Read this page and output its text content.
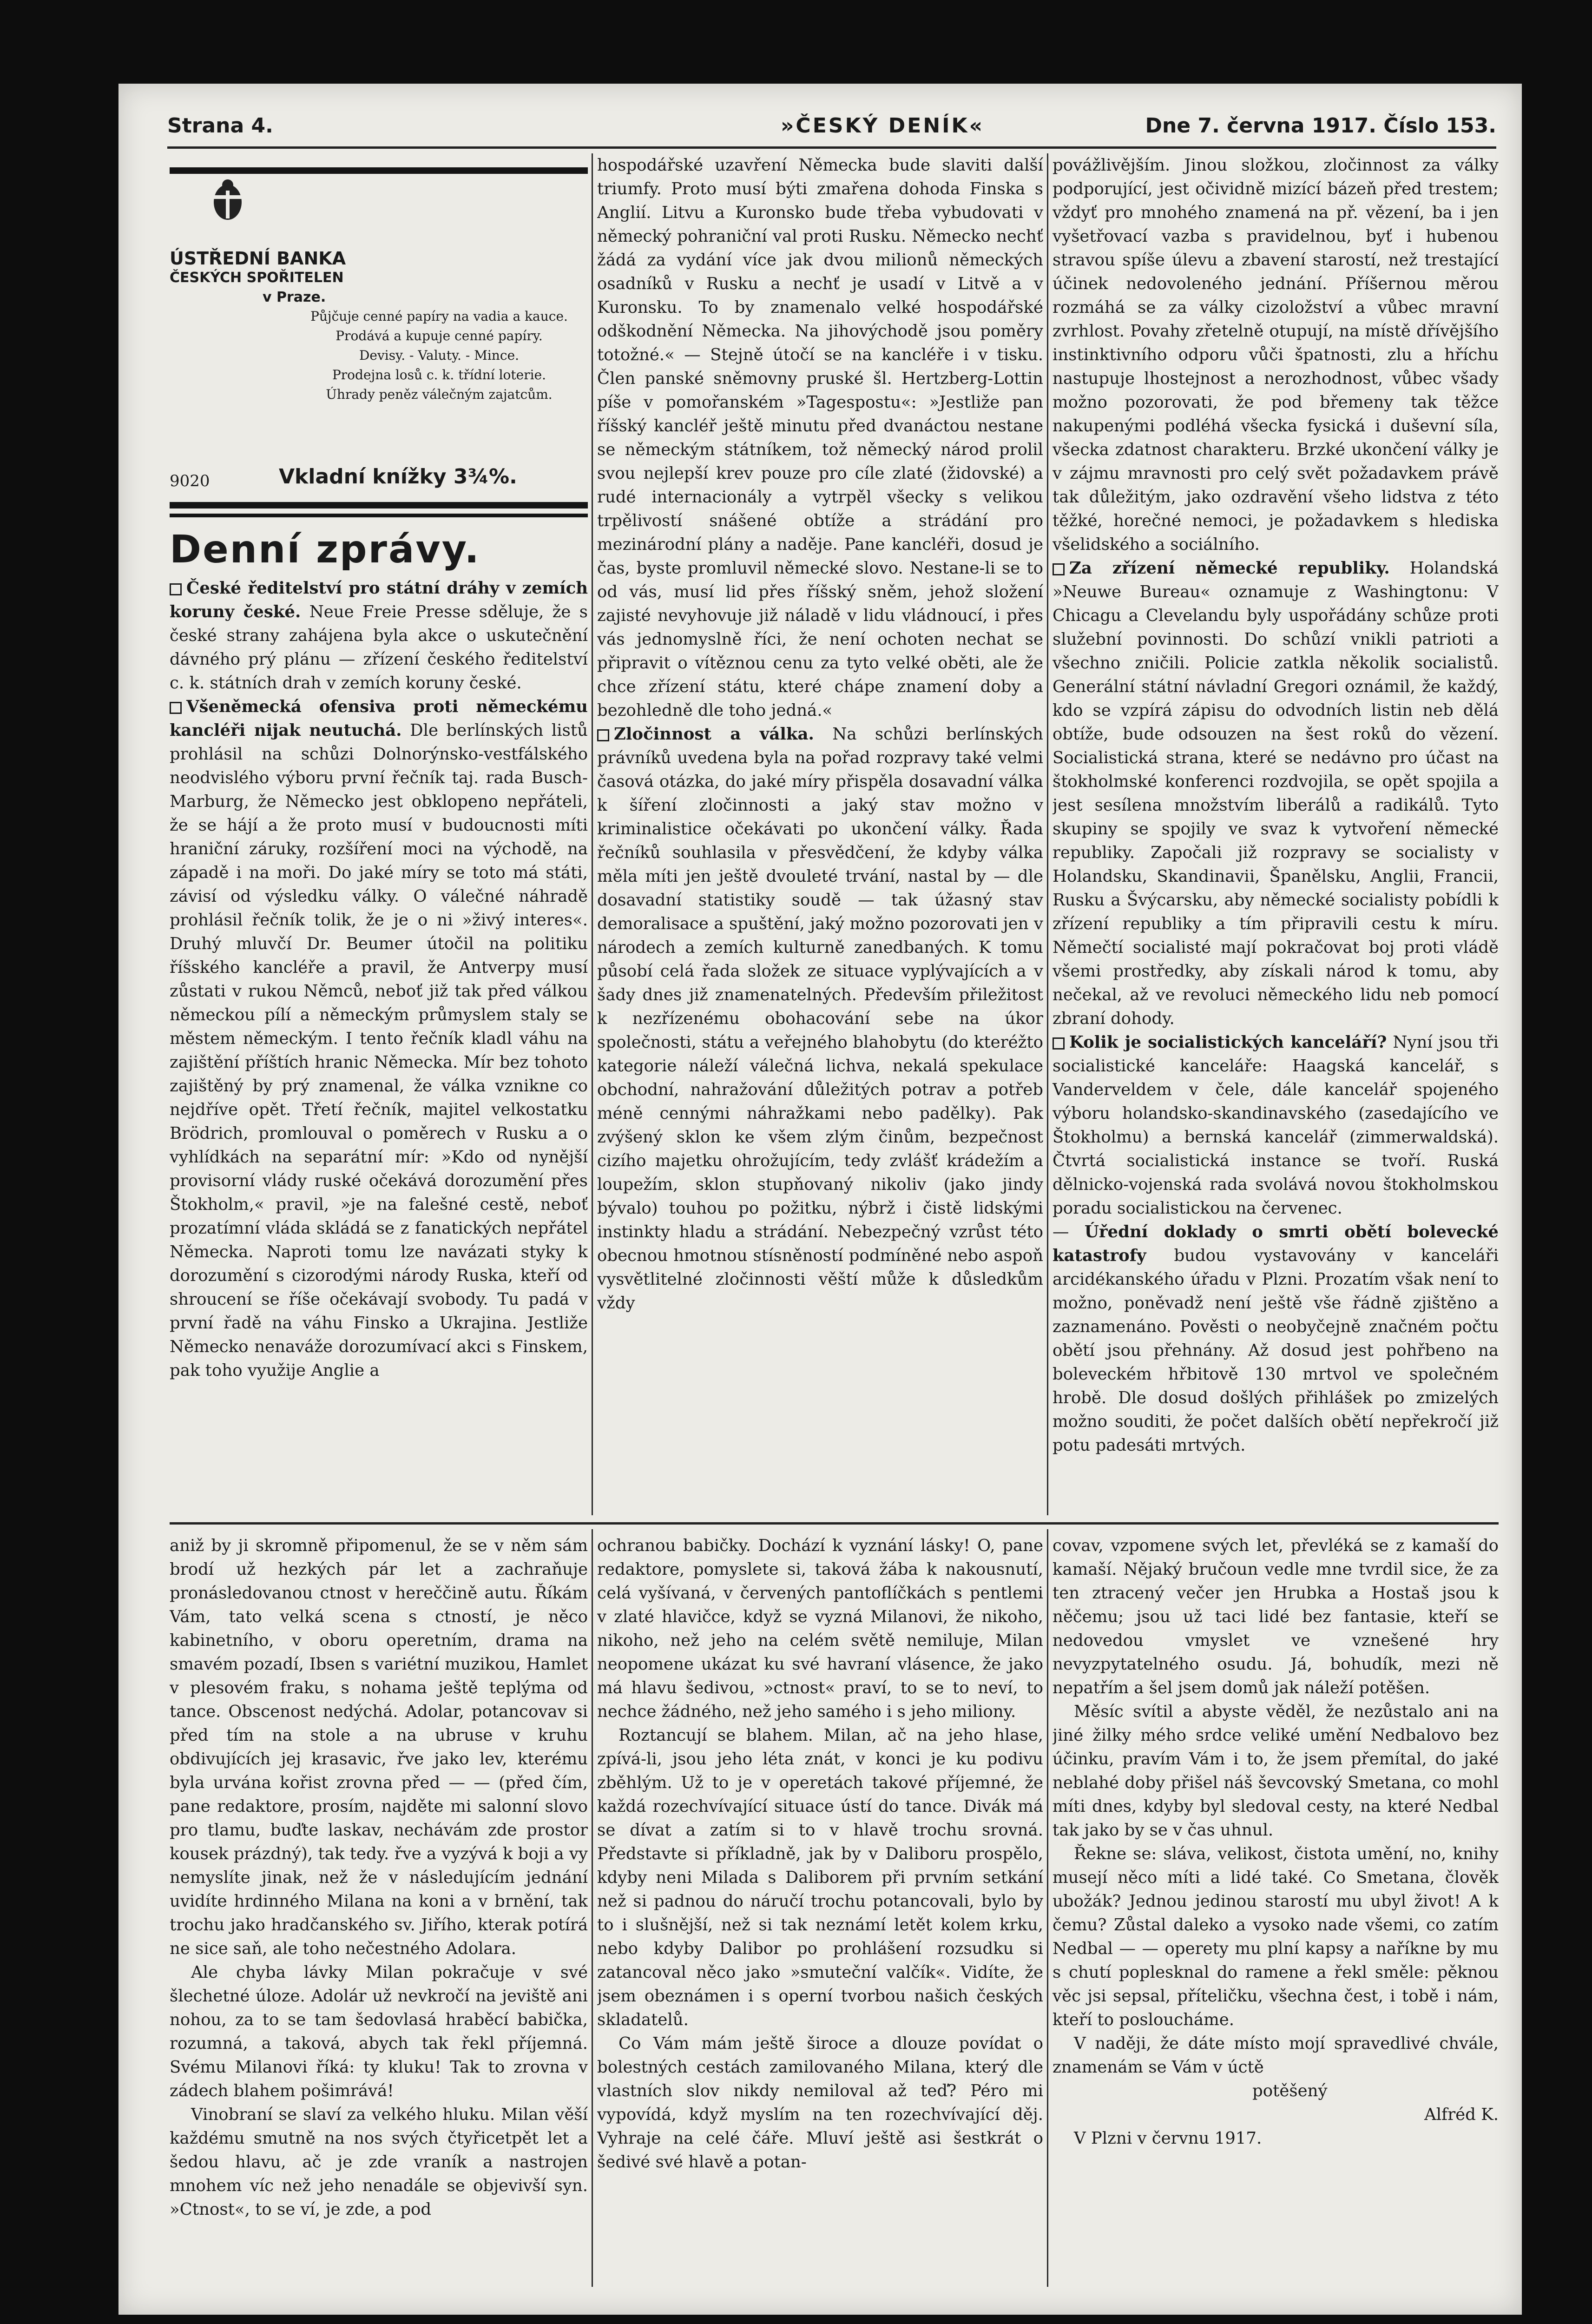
Strana 4.	»ČESKÝ DENÍK«	Dne 7. června 1917. Číslo 153.
ÚSTŘEDNÍ BANKA
ČESKÝCH SPOŘITELEN
v Praze.
Půjčuje cenné papíry na vadia a kauce.
Prodává a kupuje cenné papíry.
Devisy. - Valuty. - Mince.
Prodejna losů c. k. třídní loterie.
Úhrady peněz válečným zajatcům.
9020	Vkladní knížky 3¾%.
Denní zprávy.

České ředitelství pro státní dráhy v zemích koruny české. Neue Freie Presse sděluje, že s české strany zahájena byla akce o uskutečnění dávného prý plánu — zřízení českého ředitelství c. k. státních drah v zemích koruny české.

Všeněmecká ofensiva proti německému kancléři nijak neutuchá. Dle berlínských listů prohlásil na schůzi Dolnorýnsko-vestfálského neodvislého výboru první řečník taj. rada Busch-Marburg, že Německo jest obklopeno nepřáteli, že se hájí a že proto musí v budoucnosti míti hraniční záruky, rozšíření moci na východě, na západě i na moři. Do jaké míry se toto má státi, závisí od výsledku války. O válečné náhradě prohlásil řečník tolik, že je o ni »živý interes«. Druhý mluvčí Dr. Beumer útočil na politiku říšského kancléře a pravil, že Antverpy musí zůstati v rukou Němců, neboť již tak před válkou německou pílí a německým průmyslem staly se městem německým. I tento řečník kladl váhu na zajištění příštích hranic Německa. Mír bez tohoto zajištěný by prý znamenal, že válka vznikne co nejdříve opět. Třetí řečník, majitel velkostatku Brödrich, promlouval o poměrech v Rusku a o vyhlídkách na separátní mír: »Kdo od nynější provisorní vlády ruské očekává dorozumění přes Štokholm,« pravil, »je na falešné cestě, neboť prozatímní vláda skládá se z fanatických nepřátel Německa. Naproti tomu lze navázati styky k dorozumění s cizorodými národy Ruska, kteří od shroucení se říše očekávají svobody. Tu padá v první řadě na váhu Finsko a Ukrajina. Jestliže Německo nenaváže dorozumívací akci s Finskem, pak toho využije Anglie a

hospodářské uzavření Německa bude slaviti další triumfy. Proto musí býti zmařena dohoda Finska s Anglií. Litvu a Kuronsko bude třeba vybudovati v německý pohraniční val proti Rusku. Německo nechť žádá za vydání více jak dvou milionů německých osadníků v Rusku a nechť je usadí v Litvě a v Kuronsku. To by znamenalo velké hospodářské odškodnění Německa. Na jihovýchodě jsou poměry totožné.« — Stejně útočí se na kancléře i v tisku. Člen panské sněmovny pruské šl. Hertzberg-Lottin píše v pomořanském »Tagespostu«: »Jestliže pan říšský kancléř ještě minutu před dvanáctou nestane se německým státníkem, tož německý národ prolil svou nejlepší krev pouze pro cíle zlaté (židovské) a rudé internacionály a vytrpěl všecky s velikou trpělivostí snášené obtíže a strádání pro mezinárodní plány a naděje. Pane kancléři, dosud je čas, byste promluvil německé slovo. Nestane-li se to od vás, musí lid přes říšský sněm, jehož složení zajisté nevyhovuje již náladě v lidu vládnoucí, i přes vás jednomyslně říci, že není ochoten nechat se připravit o vítěznou cenu za tyto velké oběti, ale že chce zřízení státu, které chápe znamení doby a bezohledně dle toho jedná.«

Zločinnost a válka. Na schůzi berlínských právníků uvedena byla na pořad rozpravy také velmi časová otázka, do jaké míry přispěla dosavadní válka k šíření zločinnosti a jaký stav možno v kriminalistice očekávati po ukončení války. Řada řečníků souhlasila v přesvědčení, že kdyby válka měla míti jen ještě dvouleté trvání, nastal by — dle dosavadní statistiky soudě — tak úžasný stav demoralisace a spuštění, jaký možno pozorovati jen v národech a zemích kulturně zanedbaných. K tomu působí celá řada složek ze situace vyplývajících a v šady dnes již znamenatelných. Především přiležitost k nezřízenému obohacování sebe na úkor společnosti, státu a veřejného blahobytu (do kteréžto kategorie náleží válečná lichva, nekalá spekulace obchodní, nahražování důležitých potrav a potřeb méně cennými náhražkami nebo padělky). Pak zvýšený sklon ke všem zlým činům, bezpečnost cizího majetku ohrožujícím, tedy zvlášť krádežím a loupežím, sklon stupňovaný nikoliv (jako jindy bývalo) touhou po požitku, nýbrž i čistě lidskými instinkty hladu a strádání. Nebezpečný vzrůst této obecnou hmotnou stísněností podmíněné nebo aspoň vysvětlitelné zločinnosti věští může k důsledkům vždy

povážlivějším. Jinou složkou, zločinnost za války podporující, jest očividně mizící bázeň před trestem; vždyť pro mnohého znamená na př. vězení, ba i jen vyšetřovací vazba s pravidelnou, byť i hubenou stravou spíše úlevu a zbavení starostí, než trestající účinek nedovoleného jednání. Příšernou měrou rozmáhá se za války cizoložství a vůbec mravní zvrhlost. Povahy zřetelně otupují, na místě dřívějšího instinktivního odporu vůči špatnosti, zlu a hříchu nastupuje lhostejnost a nerozhodnost, vůbec všady možno pozorovati, že pod břemeny tak těžce nakupenými podléhá všecka fysická i duševní síla, všecka zdatnost charakteru. Brzké ukončení války je v zájmu mravnosti pro celý svět požadavkem právě tak důležitým, jako ozdravění všeho lidstva z této těžké, horečné nemoci, je požadavkem s hlediska všelidského a sociálního.

Za zřízení německé republiky. Holandská »Neuwe Bureau« oznamuje z Washingtonu: V Chicagu a Clevelandu byly uspořádány schůze proti služební povinnosti. Do schůzí vnikli patrioti a všechno zničili. Policie zatkla několik socialistů. Generální státní návladní Gregori oznámil, že každý, kdo se vzpírá zápisu do odvodních listin neb dělá obtíže, bude odsouzen na šest roků do vězení. Socialistická strana, které se nedávno pro účast na štokholmské konferenci rozdvojila, se opět spojila a jest sesílena množstvím liberálů a radikálů. Tyto skupiny se spojily ve svaz k vytvoření německé republiky. Započali již rozpravy se socialisty v Holandsku, Skandinavii, Španělsku, Anglii, Francii, Rusku a Švýcarsku, aby německé socialisty pobídli k zřízení republiky a tím připravili cestu k míru. Němečtí socialisté mají pokračovat boj proti vládě všemi prostředky, aby získali národ k tomu, aby nečekal, až ve revoluci německého lidu neb pomocí zbraní dohody.

Kolik je socialistických kanceláří? Nyní jsou tři socialistické kanceláře: Haagská kancelář, s Vanderveldem v čele, dále kancelář spojeného výboru holandsko-skandinavského (zasedajícího ve Štokholmu) a bernská kancelář (zimmerwaldská). Čtvrtá socialistická instance se tvoří. Ruská dělnicko-vojenská rada svolává novou štokholmskou poradu socialistickou na červenec.

— Úřední doklady o smrti obětí bolevecké katastrofy budou vystavovány v kanceláři arcidékanského úřadu v Plzni. Prozatím však není to možno, poněvadž není ještě vše řádně zjištěno a zaznamenáno. Pověsti o neobyčejně značném počtu obětí jsou přehnány. Až dosud jest pohřbeno na boleveckém hřbitově 130 mrtvol ve společném hrobě. Dle dosud došlých přihlášek po zmizelých možno souditi, že počet dalších obětí nepřekročí již potu padesáti mrtvých.

aniž by ji skromně připomenul, že se v něm sám brodí už hezkých pár let a zachraňuje pronásledovanou ctnost v hereččině autu. Říkám Vám, tato velká scena s ctností, je něco kabinetního, v oboru operetním, drama na smavém pozadí, Ibsen s variétní muzikou, Hamlet v plesovém fraku, s nohama ještě teplýma od tance. Obscenost nedýchá. Adolar, potancovav si před tím na stole a na ubruse v kruhu obdivujících jej krasavic, řve jako lev, kterému byla urvána kořist zrovna před — — (před čím, pane redaktore, prosím, najděte mi salonní slovo pro tlamu, buďte laskav, nechávám zde prostor kousek prázdný), tak tedy. řve a vyzývá k boji a vy nemyslíte jinak, než že v následujícím jednání uvidíte hrdinného Milana na koni a v brnění, tak trochu jako hradčanského sv. Jiřího, kterak potírá ne sice saň, ale toho nečestného Adolara.

Ale chyba lávky Milan pokračuje v své šlechetné úloze. Adolár už nevkročí na jeviště ani nohou, za to se tam šedovlasá hraběcí babička, rozumná, a taková, abych tak řekl příjemná. Svému Milanovi říká: ty kluku! Tak to zrovna v zádech blahem pošimrává!

Vinobraní se slaví za velkého hluku. Milan věší každému smutně na nos svých čtyřicetpět let a šedou hlavu, ač je zde vraník a nastrojen mnohem víc než jeho nenadále se objevivší syn. »Ctnost«, to se ví, je zde, a pod

ochranou babičky. Dochází k vyznání lásky! O, pane redaktore, pomyslete si, taková žába k nakousnutí, celá vyšívaná, v červených pantoflíčkách s pentlemi v zlaté hlavičce, když se vyzná Milanovi, že nikoho, nikoho, než jeho na celém světě nemiluje, Milan neopomene ukázat ku své havraní vlásence, že jako má hlavu šedivou, »ctnost« praví, to se to neví, to nechce žádného, než jeho samého i s jeho miliony.

Roztancují se blahem. Milan, ač na jeho hlase, zpívá-li, jsou jeho léta znát, v konci je ku podivu zběhlým. Už to je v operetách takové příjemné, že každá rozechvívající situace ústí do tance. Divák má se dívat a zatím si to v hlavě trochu srovná. Představte si příkladně, jak by v Daliboru prospělo, kdyby neni Milada s Daliborem při prvním setkání než si padnou do náručí trochu potancovali, bylo by to i slušnější, než si tak neznámí letět kolem krku, nebo kdyby Dalibor po prohlášení rozsudku si zatancoval něco jako »smuteční valčík«. Vidíte, že jsem obeznámen i s operní tvorbou našich českých skladatelů.

Co Vám mám ještě široce a dlouze povídat o bolestných cestách zamilovaného Milana, který dle vlastních slov nikdy nemiloval až teď? Péro mi vypovídá, když myslím na ten rozechvívající děj. Vyhraje na celé čáře. Mluví ještě asi šestkrát o šedivé své hlavě a potan-

covav, vzpomene svých let, převléká se z kamaší do kamaší. Nějaký bručoun vedle mne tvrdil sice, že za ten ztracený večer jen Hrubka a Hostaš jsou k něčemu; jsou už taci lidé bez fantasie, kteří se nedovedou vmyslet ve vznešené hry nevyzpytatelného osudu. Já, bohudík, mezi ně nepatřím a šel jsem domů jak náleží potěšen.

Měsíc svítil a abyste věděl, že nezůstalo ani na jiné žilky mého srdce veliké umění Nedbalovo bez účinku, pravím Vám i to, že jsem přemítal, do jaké neblahé doby přišel náš ševcovský Smetana, co mohl míti dnes, kdyby byl sledoval cesty, na které Nedbal tak jako by se v čas uhnul.

Řekne se: sláva, velikost, čistota umění, no, knihy musejí něco míti a lidé také. Co Smetana, člověk ubožák? Jednou jedinou starostí mu ubyl život! A k čemu? Zůstal daleko a vysoko nade všemi, co zatím Nedbal — — operety mu plní kapsy a naříkne by mu s chutí poplesknal do ramene a řekl směle: pěknou věc jsi sepsal, příteličku, všechna čest, i tobě i nám, kteří to posloucháme.

V naději, že dáte místo mojí spravedlivé chvále, znamenám se Vám v úctě

potěšený

Alfréd K.

V Plzni v červnu 1917.
